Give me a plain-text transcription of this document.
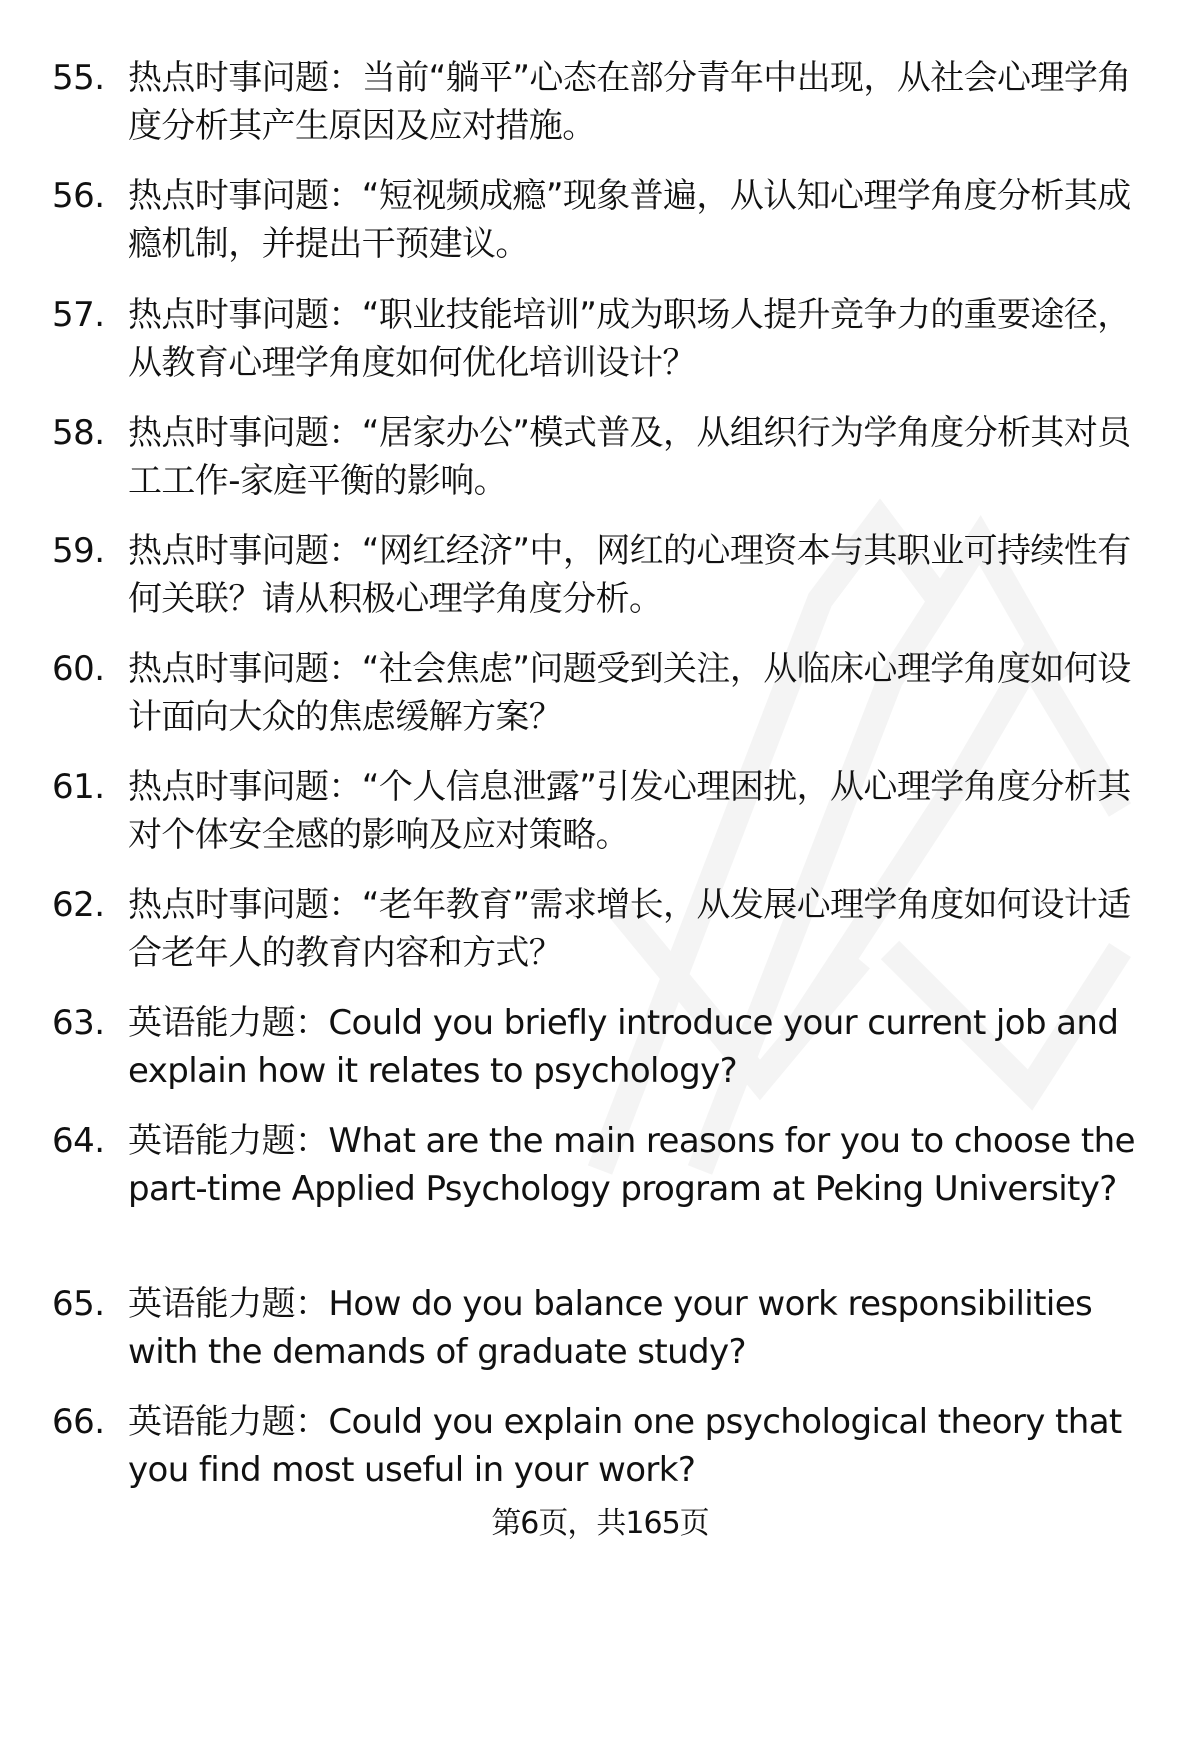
55. 热点时事问题：当前“躺平”心态在部分青年中出现，从社会心理学角度分析其产生原因及应对措施。
56. 热点时事问题：“短视频成瘾”现象普遍，从认知心理学角度分析其成瘾机制，并提出干预建议。
57. 热点时事问题：“职业技能培训”成为职场人提升竞争力的重要途径，从教育心理学角度如何优化培训设计？
58. 热点时事问题：“居家办公”模式普及，从组织行为学角度分析其对员工工作-家庭平衡的影响。
59. 热点时事问题：“网红经济”中，网红的心理资本与其职业可持续性有何关联？请从积极心理学角度分析。
60. 热点时事问题：“社会焦虑”问题受到关注，从临床心理学角度如何设计面向大众的焦虑缓解方案？
61. 热点时事问题：“个人信息泄露”引发心理困扰，从心理学角度分析其对个体安全感的影响及应对策略。
62. 热点时事问题：“老年教育”需求增长，从发展心理学角度如何设计适合老年人的教育内容和方式？
63. 英语能力题：Could you briefly introduce your current job and explain how it relates to psychology?
64. 英语能力题：What are the main reasons for you to choose the part-time Applied Psychology program at Peking University?
65. 英语能力题：How do you balance your work responsibilities with the demands of graduate study?
66. 英语能力题：Could you explain one psychological theory that you find most useful in your work?
第6页，共165页
